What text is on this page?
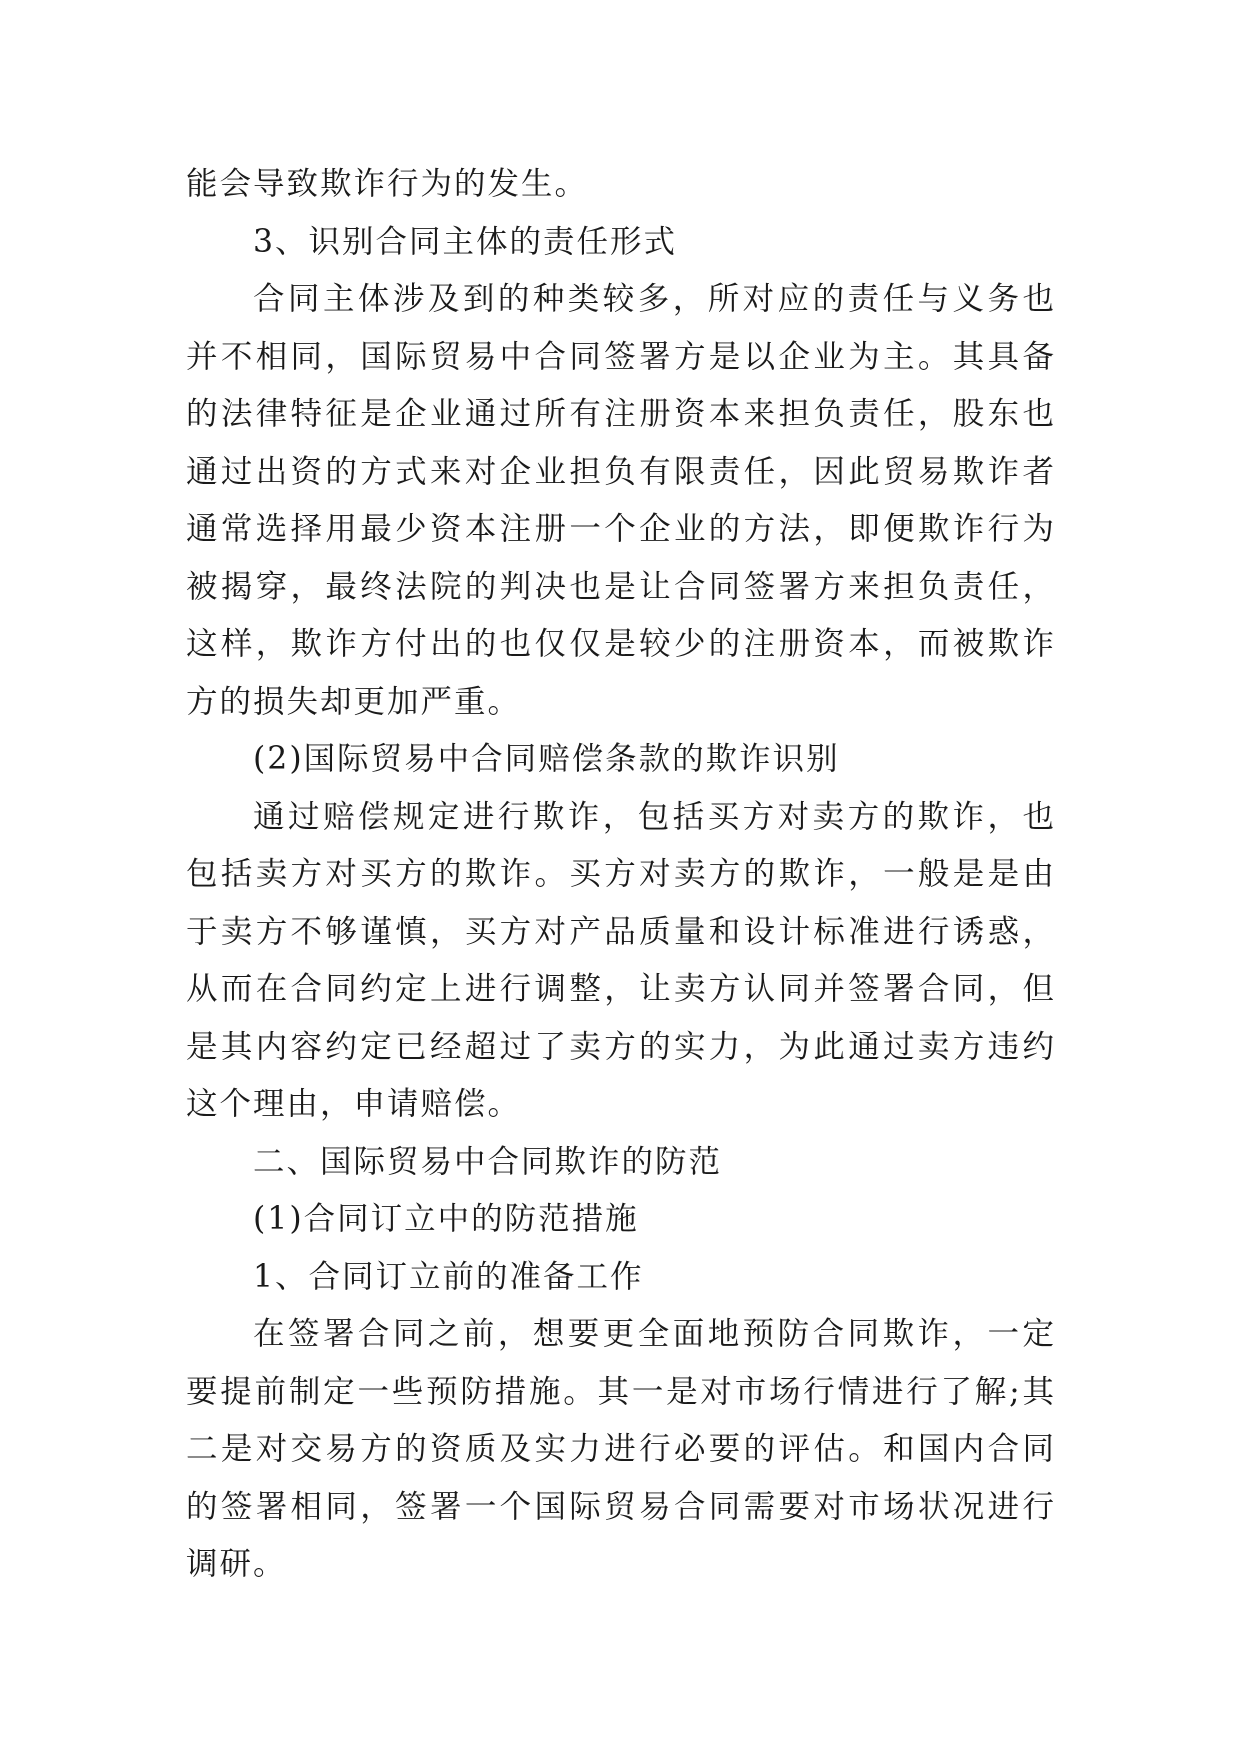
能会导致欺诈行为的发生。

3、识别合同主体的责任形式

合同主体涉及到的种类较多，所对应的责任与义务也并不相同，国际贸易中合同签署方是以企业为主。其具备的法律特征是企业通过所有注册资本来担负责任，股东也通过出资的方式来对企业担负有限责任，因此贸易欺诈者通常选择用最少资本注册一个企业的方法，即便欺诈行为被揭穿，最终法院的判决也是让合同签署方来担负责任，这样，欺诈方付出的也仅仅是较少的注册资本，而被欺诈方的损失却更加严重。

(2)国际贸易中合同赔偿条款的欺诈识别

通过赔偿规定进行欺诈，包括买方对卖方的欺诈，也包括卖方对买方的欺诈。买方对卖方的欺诈，一般是是由于卖方不够谨慎，买方对产品质量和设计标准进行诱惑，从而在合同约定上进行调整，让卖方认同并签署合同，但是其内容约定已经超过了卖方的实力，为此通过卖方违约这个理由，申请赔偿。

二、国际贸易中合同欺诈的防范

(1)合同订立中的防范措施

1、合同订立前的准备工作

在签署合同之前，想要更全面地预防合同欺诈，一定要提前制定一些预防措施。其一是对市场行情进行了解;其二是对交易方的资质及实力进行必要的评估。和国内合同的签署相同，签署一个国际贸易合同需要对市场状况进行调研。
